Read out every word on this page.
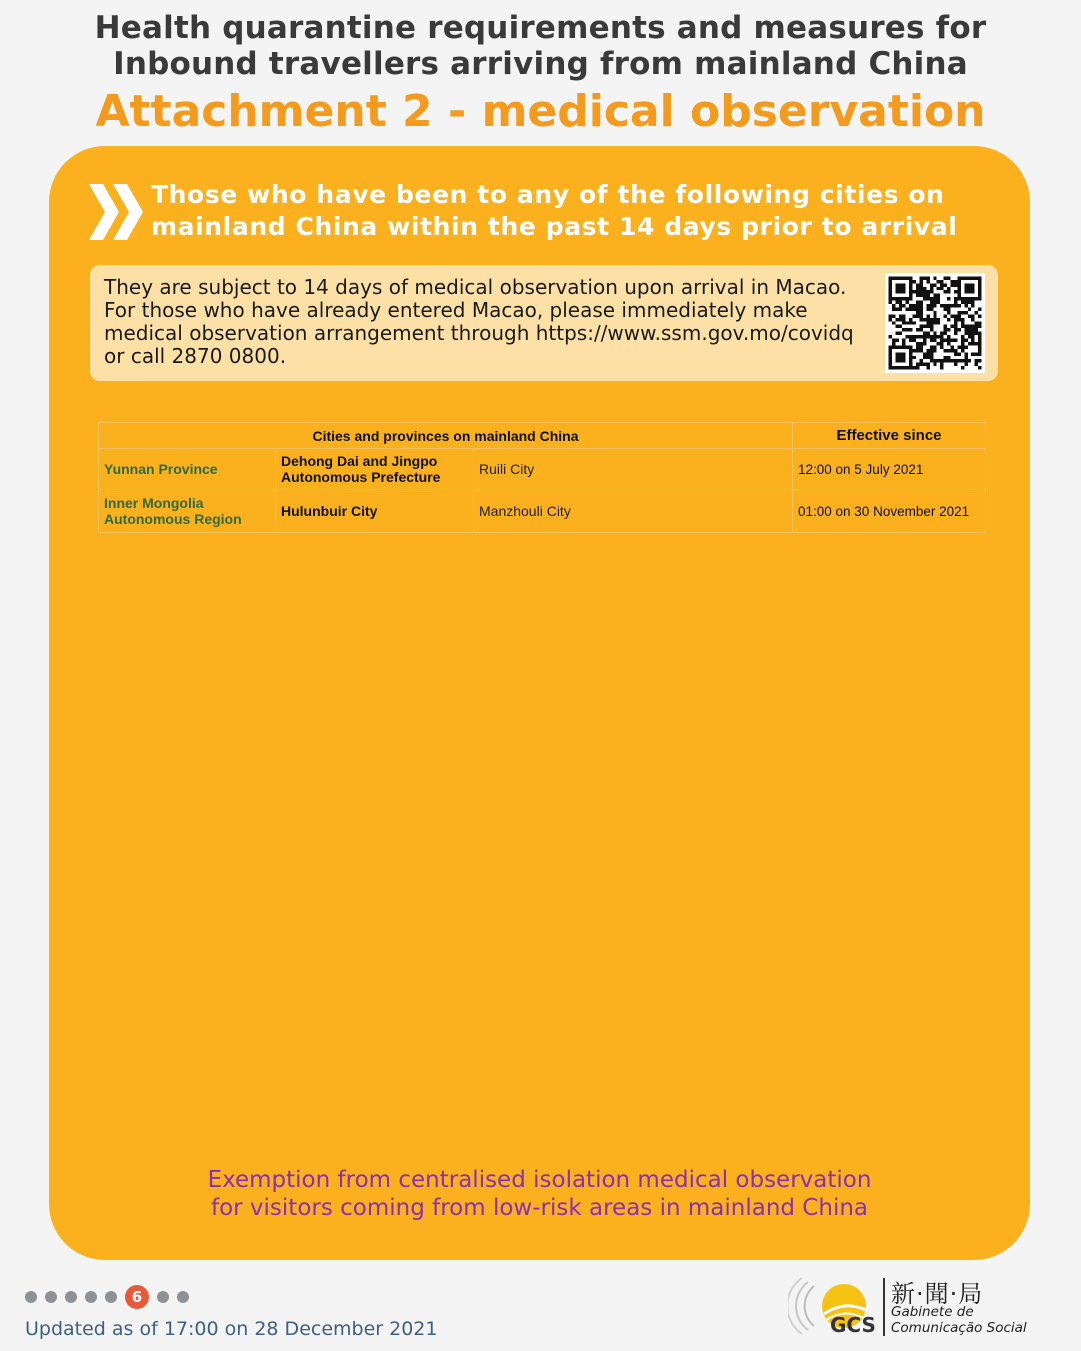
Health quarantine requirements and measures for
Inbound travellers arriving from mainland China
Attachment 2 - medical observation
Those who have been to any of the following cities on
mainland China within the past 14 days prior to arrival
They are subject to 14 days of medical observation upon arrival in Macao.
For those who have already entered Macao, please immediately make
medical observation arrangement through https://www.ssm.gov.mo/covidq
or call 2870 0800.
Cities and provinces on mainland China			Effective since
Yunnan Province	Dehong Dai and Jingpo Autonomous Prefecture	Ruili City	12:00 on 5 July 2021
Inner Mongolia Autonomous Region	Hulunbuir City	Manzhouli City	01:00 on 30 November 2021
Exemption from centralised isolation medical observation
for visitors coming from low-risk areas in mainland China
6
Updated as of 17:00 on 28 December 2021	GCS
新·聞·局
Gabinete de
Comunicação Social
